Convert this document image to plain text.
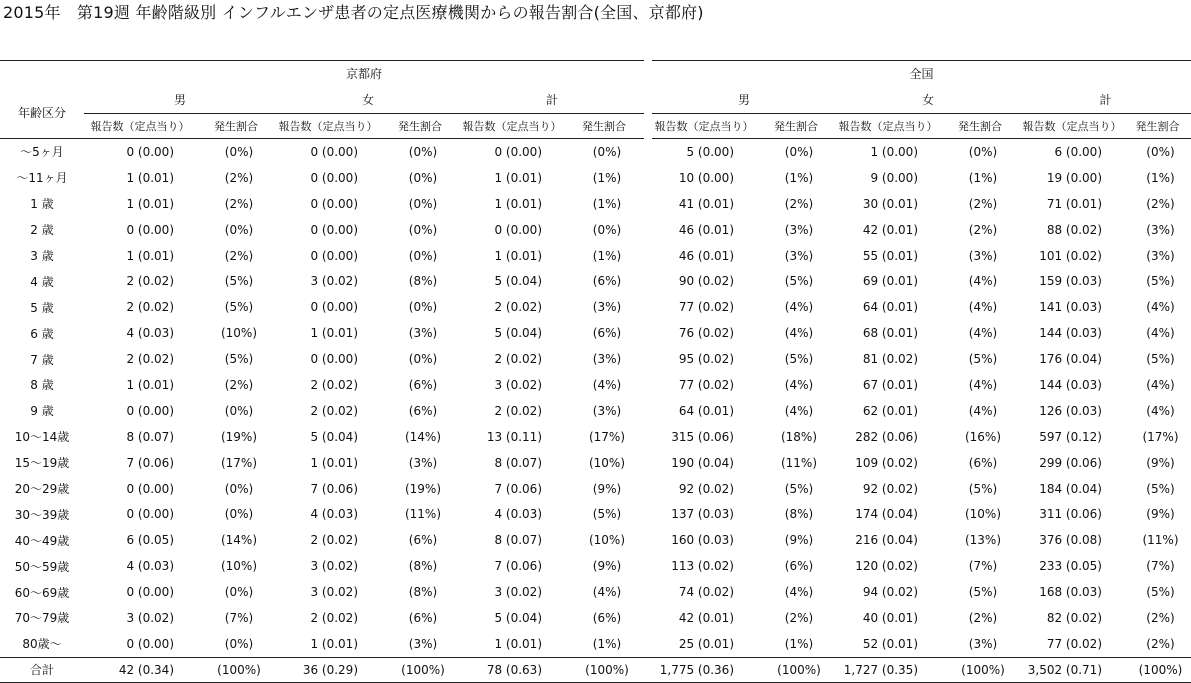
2015年　第19週 年齢階級別 インフルエンザ患者の定点医療機関からの報告割合(全国、京都府)
	京都府							全国					
年齢区分	男		女		計			男		女		計	
	報告数（定点当り）	発生割合	報告数（定点当り）	発生割合	報告数（定点当り）	発生割合		報告数（定点当り）	発生割合	報告数（定点当り）	発生割合	報告数（定点当り）	発生割合
〜5ヶ月	0 (0.00)	(0%)	0 (0.00)	(0%)	0 (0.00)	(0%)		5 (0.00)	(0%)	1 (0.00)	(0%)	6 (0.00)	(0%)
〜11ヶ月	1 (0.01)	(2%)	0 (0.00)	(0%)	1 (0.01)	(1%)		10 (0.00)	(1%)	9 (0.00)	(1%)	19 (0.00)	(1%)
1 歳	1 (0.01)	(2%)	0 (0.00)	(0%)	1 (0.01)	(1%)		41 (0.01)	(2%)	30 (0.01)	(2%)	71 (0.01)	(2%)
2 歳	0 (0.00)	(0%)	0 (0.00)	(0%)	0 (0.00)	(0%)		46 (0.01)	(3%)	42 (0.01)	(2%)	88 (0.02)	(3%)
3 歳	1 (0.01)	(2%)	0 (0.00)	(0%)	1 (0.01)	(1%)		46 (0.01)	(3%)	55 (0.01)	(3%)	101 (0.02)	(3%)
4 歳	2 (0.02)	(5%)	3 (0.02)	(8%)	5 (0.04)	(6%)		90 (0.02)	(5%)	69 (0.01)	(4%)	159 (0.03)	(5%)
5 歳	2 (0.02)	(5%)	0 (0.00)	(0%)	2 (0.02)	(3%)		77 (0.02)	(4%)	64 (0.01)	(4%)	141 (0.03)	(4%)
6 歳	4 (0.03)	(10%)	1 (0.01)	(3%)	5 (0.04)	(6%)		76 (0.02)	(4%)	68 (0.01)	(4%)	144 (0.03)	(4%)
7 歳	2 (0.02)	(5%)	0 (0.00)	(0%)	2 (0.02)	(3%)		95 (0.02)	(5%)	81 (0.02)	(5%)	176 (0.04)	(5%)
8 歳	1 (0.01)	(2%)	2 (0.02)	(6%)	3 (0.02)	(4%)		77 (0.02)	(4%)	67 (0.01)	(4%)	144 (0.03)	(4%)
9 歳	0 (0.00)	(0%)	2 (0.02)	(6%)	2 (0.02)	(3%)		64 (0.01)	(4%)	62 (0.01)	(4%)	126 (0.03)	(4%)
10〜14歳	8 (0.07)	(19%)	5 (0.04)	(14%)	13 (0.11)	(17%)		315 (0.06)	(18%)	282 (0.06)	(16%)	597 (0.12)	(17%)
15〜19歳	7 (0.06)	(17%)	1 (0.01)	(3%)	8 (0.07)	(10%)		190 (0.04)	(11%)	109 (0.02)	(6%)	299 (0.06)	(9%)
20〜29歳	0 (0.00)	(0%)	7 (0.06)	(19%)	7 (0.06)	(9%)		92 (0.02)	(5%)	92 (0.02)	(5%)	184 (0.04)	(5%)
30〜39歳	0 (0.00)	(0%)	4 (0.03)	(11%)	4 (0.03)	(5%)		137 (0.03)	(8%)	174 (0.04)	(10%)	311 (0.06)	(9%)
40〜49歳	6 (0.05)	(14%)	2 (0.02)	(6%)	8 (0.07)	(10%)		160 (0.03)	(9%)	216 (0.04)	(13%)	376 (0.08)	(11%)
50〜59歳	4 (0.03)	(10%)	3 (0.02)	(8%)	7 (0.06)	(9%)		113 (0.02)	(6%)	120 (0.02)	(7%)	233 (0.05)	(7%)
60〜69歳	0 (0.00)	(0%)	3 (0.02)	(8%)	3 (0.02)	(4%)		74 (0.02)	(4%)	94 (0.02)	(5%)	168 (0.03)	(5%)
70〜79歳	3 (0.02)	(7%)	2 (0.02)	(6%)	5 (0.04)	(6%)		42 (0.01)	(2%)	40 (0.01)	(2%)	82 (0.02)	(2%)
80歳〜	0 (0.00)	(0%)	1 (0.01)	(3%)	1 (0.01)	(1%)		25 (0.01)	(1%)	52 (0.01)	(3%)	77 (0.02)	(2%)
合計	42 (0.34)	(100%)	36 (0.29)	(100%)	78 (0.63)	(100%)		1,775 (0.36)	(100%)	1,727 (0.35)	(100%)	3,502 (0.71)	(100%)
